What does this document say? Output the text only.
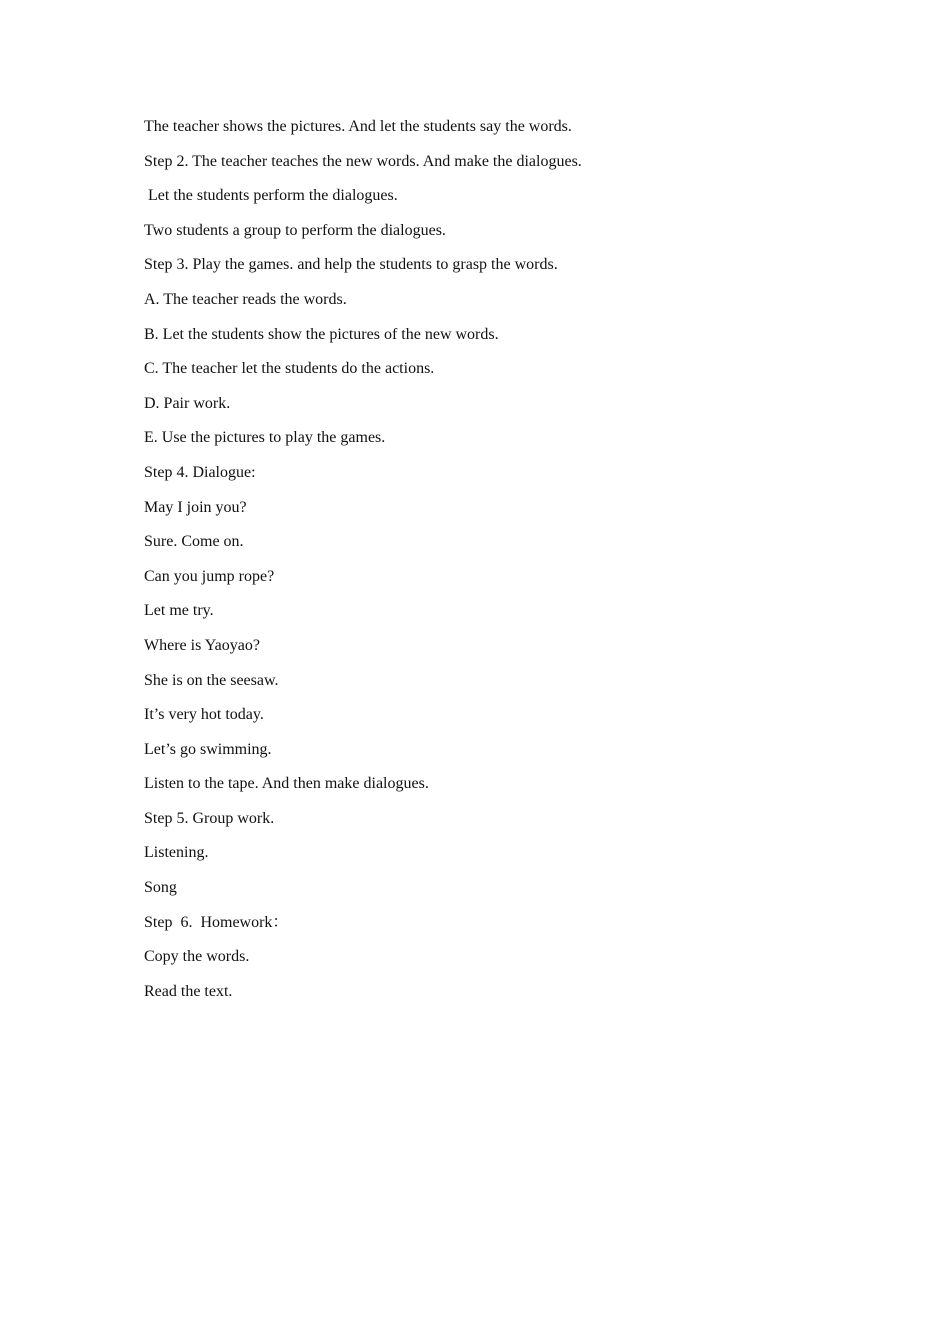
The teacher shows the pictures. And let the students say the words.
Step 2. The teacher teaches the new words. And make the dialogues.
Let the students perform the dialogues.
Two students a group to perform the dialogues.
Step 3. Play the games. and help the students to grasp the words.
A. The teacher reads the words.
B. Let the students show the pictures of the new words.
C. The teacher let the students do the actions.
D. Pair work.
E. Use the pictures to play the games.
Step 4. Dialogue:
May I join you?
Sure. Come on.
Can you jump rope?
Let me try.
Where is Yaoyao?
She is on the seesaw.
It’s very hot today.
Let’s go swimming.
Listen to the tape. And then make dialogues.
Step 5. Group work.
Listening.
Song
Step  6.  Homework：
Copy the words.
Read the text.
